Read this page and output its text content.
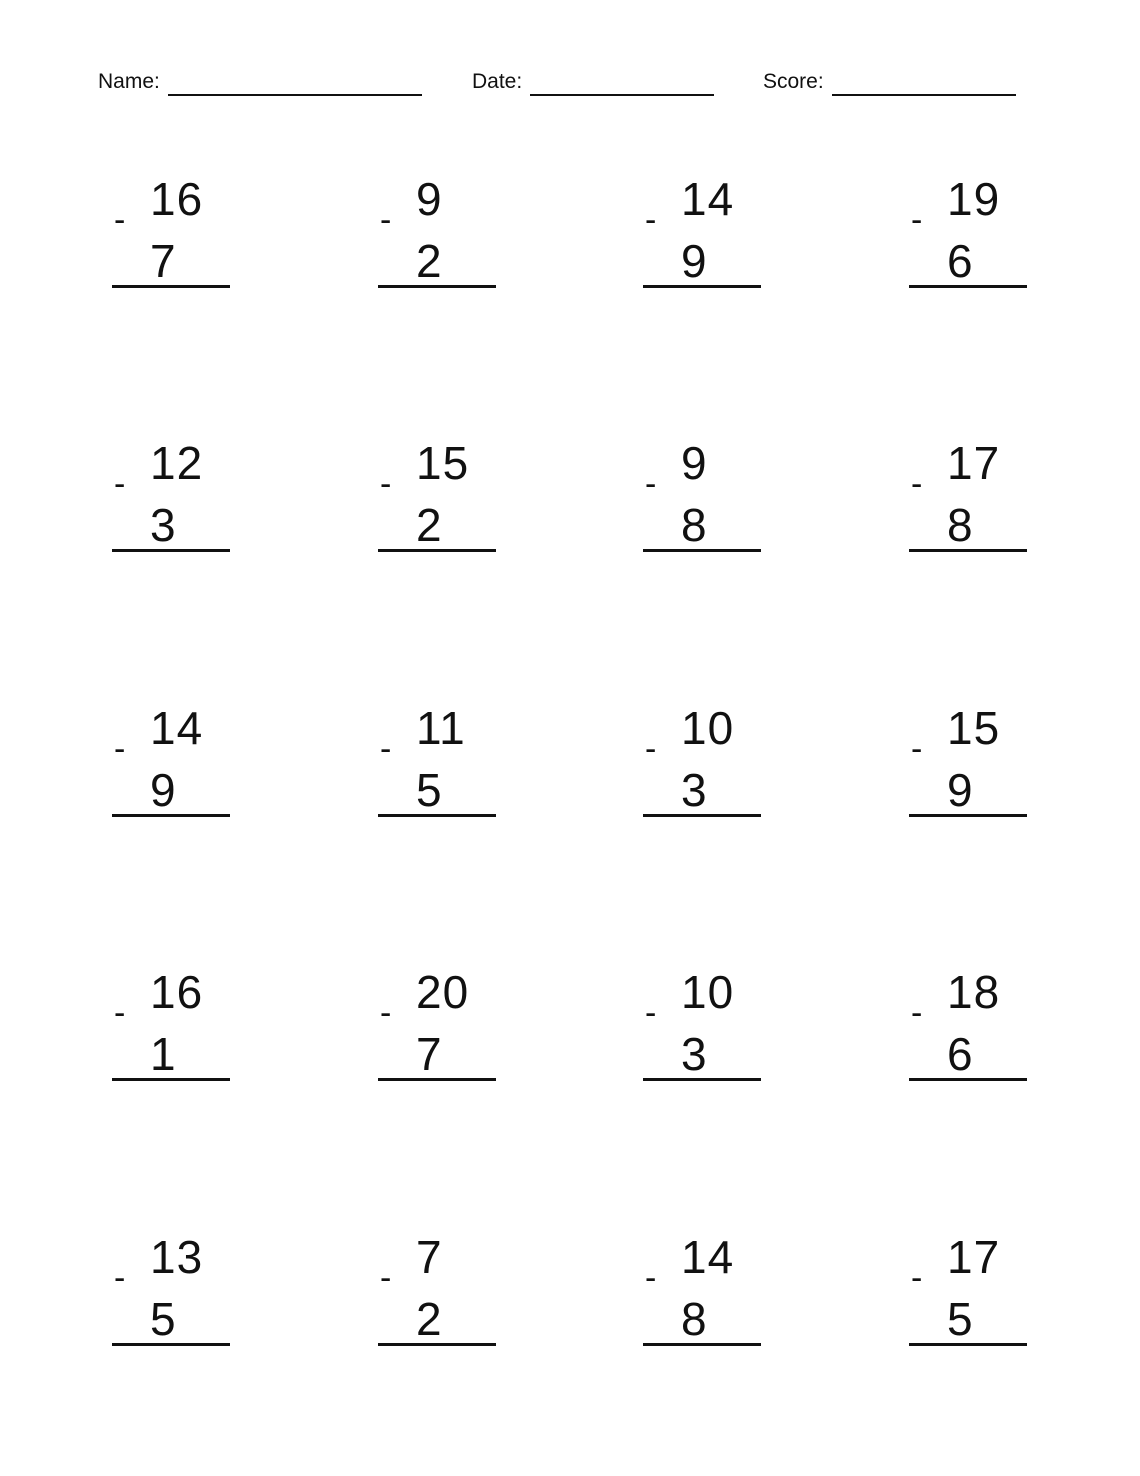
Name:	Date:	Score:
16
-
7
9
-
2
14
-
9
19
-
6
12
-
3
15
-
2
9
-
8
17
-
8
14
-
9
11
-
5
10
-
3
15
-
9
16
-
1
20
-
7
10
-
3
18
-
6
13
-
5
7
-
2
14
-
8
17
-
5
